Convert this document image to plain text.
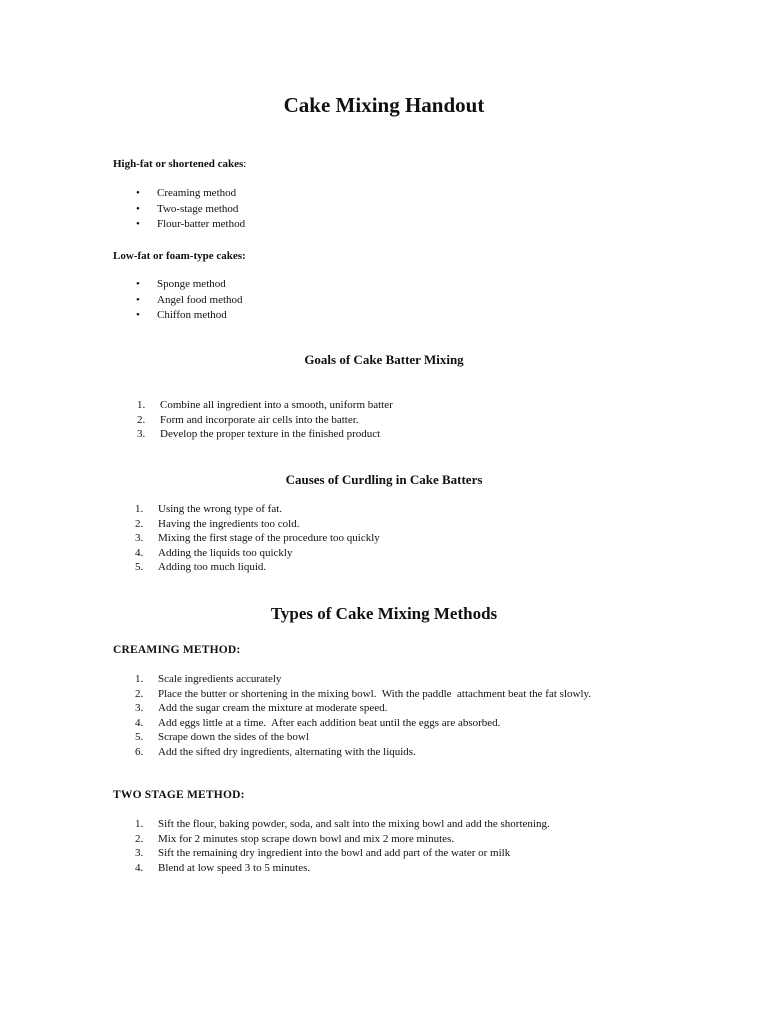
Cake Mixing Handout

High-fat or shortened cakes:

• Creaming method
• Two-stage method
• Flour-batter method

Low-fat or foam-type cakes:

• Sponge method
• Angel food method
• Chiffon method
Goals of Cake Batter Mixing
1.	Combine all ingredient into a smooth, uniform batter
2.	Form and incorporate air cells into the batter.
3.	Develop the proper texture in the finished product
Causes of Curdling in Cake Batters
1.	Using the wrong type of fat.
2.	Having the ingredients too cold.
3.	Mixing the first stage of the procedure too quickly
4.	Adding the liquids too quickly
5.	Adding too much liquid.
Types of Cake Mixing Methods

CREAMING METHOD:

1.	Scale ingredients accurately
2.	Place the butter or shortening in the mixing bowl.  With the paddle  attachment beat the fat slowly.
3.	Add the sugar cream the mixture at moderate speed.
4.	Add eggs little at a time.  After each addition beat until the eggs are absorbed.
5.	Scrape down the sides of the bowl
6.	Add the sifted dry ingredients, alternating with the liquids.

TWO STAGE METHOD:

1.	Sift the flour, baking powder, soda, and salt into the mixing bowl and add the shortening.
2.	Mix for 2 minutes stop scrape down bowl and mix 2 more minutes.
3.	Sift the remaining dry ingredient into the bowl and add part of the water or milk
4.	Blend at low speed 3 to 5 minutes.
